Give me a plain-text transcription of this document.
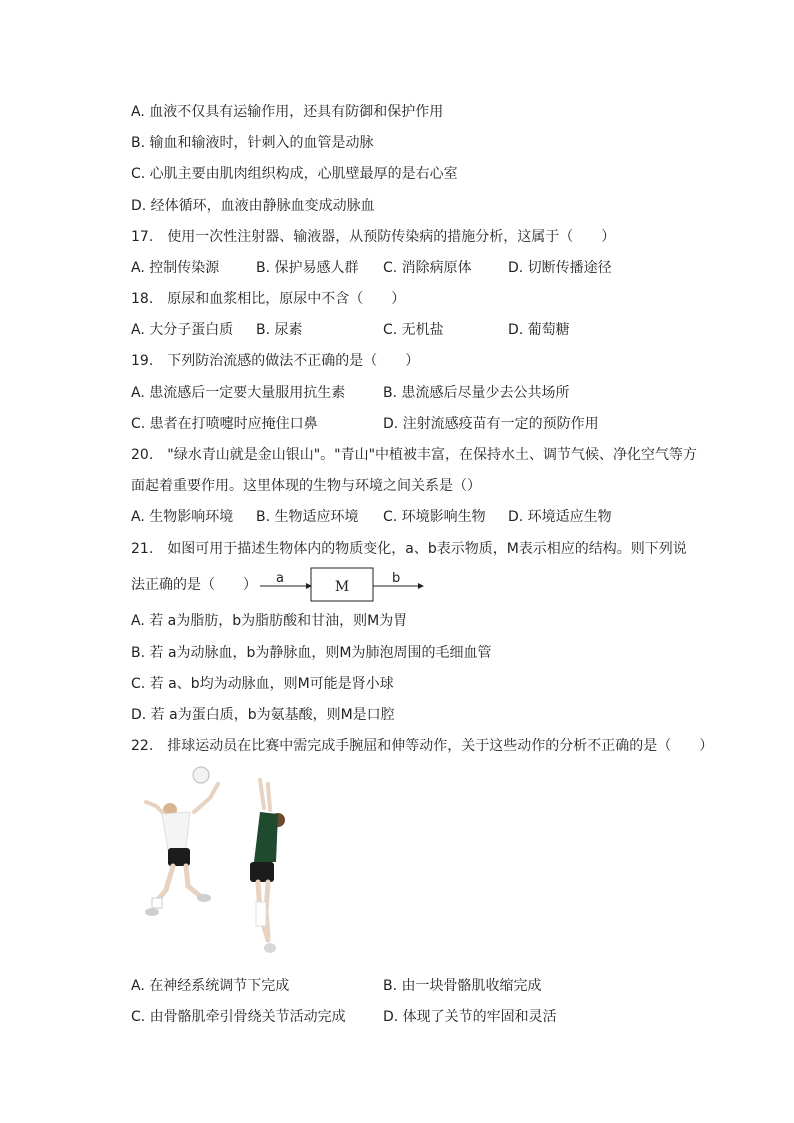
A. 血液不仅具有运输作用，还具有防御和保护作用
B. 输血和输液时，针刺入的血管是动脉
C. 心肌主要由肌肉组织构成，心肌壁最厚的是右心室
D. 经体循环，血液由静脉血变成动脉血
17.　使用一次性注射器、输液器，从预防传染病的措施分析，这属于（　　）
A. 控制传染源	B. 保护易感人群 C. 消除病原体	D. 切断传播途径
18.　原尿和血浆相比，原尿中不含（　　）
A. 大分子蛋白质 B. 尿素	C. 无机盐	D. 葡萄糖
19.　下列防治流感的做法不正确的是（　　）
A. 患流感后一定要大量服用抗生素	B. 患流感后尽量少去公共场所
C. 患者在打喷嚏时应掩住口鼻	D. 注射流感疫苗有一定的预防作用
20.　"绿水青山就是金山银山"。"青山"中植被丰富，在保持水土、调节气候、净化空气等方
面起着重要作用。这里体现的生物与环境之间关系是（）
A. 生物影响环境 B. 生物适应环境 C. 环境影响生物 D. 环境适应生物
21.　如图可用于描述生物体内的物质变化，a、b表示物质，M表示相应的结构。则下列说
法正确的是（　　） a
M
b
A. 若 a为脂肪，b为脂肪酸和甘油，则M为胃
B. 若 a为动脉血，b为静脉血，则M为肺泡周围的毛细血管
C. 若 a、b均为动脉血，则M可能是肾小球
D. 若 a为蛋白质，b为氨基酸，则M是口腔
22.　排球运动员在比赛中需完成手腕屈和伸等动作，关于这些动作的分析不正确的是（　　）
A. 在神经系统调节下完成	B. 由一块骨骼肌收缩完成
C. 由骨骼肌牵引骨绕关节活动完成	D. 体现了关节的牢固和灵活
